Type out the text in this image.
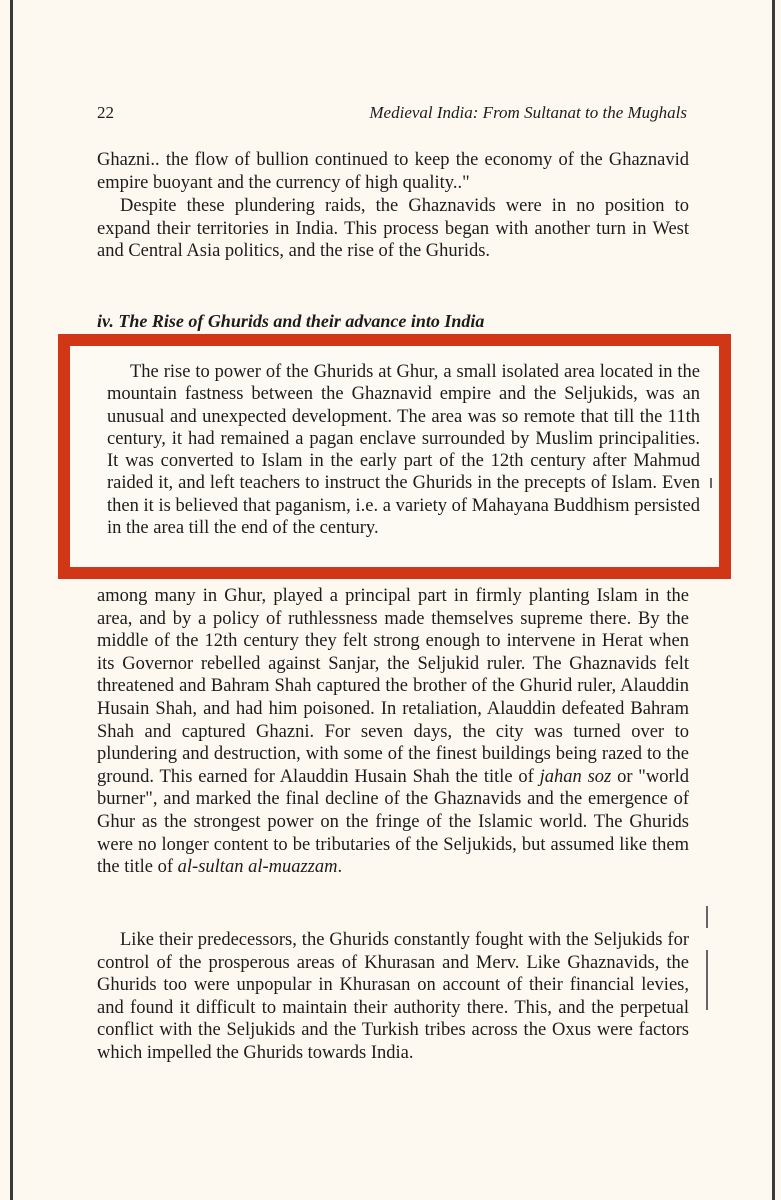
22	Medieval India: From Sultanat to the Mughals
Ghazni.. the flow of bullion continued to keep the economy of the Ghaznavid empire buoyant and the currency of high quality.."
Despite these plundering raids, the Ghaznavids were in no position to expand their territories in India. This process began with another turn in West and Central Asia politics, and the rise of the Ghurids.
iv. The Rise of Ghurids and their advance into India
The rise to power of the Ghurids at Ghur, a small isolated area located in the mountain fastness between the Ghaznavid empire and the Seljukids, was an unusual and unexpected development. The area was so remote that till the 11th century, it had remained a pagan enclave surrounded by Muslim principalities. It was converted to Islam in the early part of the 12th century after Mahmud raided it, and left teachers to instruct the Ghurids in the precepts of Islam. Even then it is believed that paganism, i.e. a variety of Mahayana Buddhism persisted in the area till the end of the century.
among many in Ghur, played a principal part in firmly planting Islam in the area, and by a policy of ruthlessness made themselves supreme there. By the middle of the 12th century they felt strong enough to intervene in Herat when its Governor rebelled against Sanjar, the Seljukid ruler. The Ghaznavids felt threatened and Bahram Shah captured the brother of the Ghurid ruler, Alauddin Husain Shah, and had him poisoned. In retaliation, Alauddin defeated Bahram Shah and captured Ghazni. For seven days, the city was turned over to plundering and destruction, with some of the finest buildings being razed to the ground. This earned for Alauddin Husain Shah the title of jahan soz or "world burner", and marked the final decline of the Ghaznavids and the emergence of Ghur as the strongest power on the fringe of the Islamic world. The Ghurids were no longer content to be tributaries of the Seljukids, but assumed like them the title of al-sultan al-muazzam.
Like their predecessors, the Ghurids constantly fought with the Seljukids for control of the prosperous areas of Khurasan and Merv. Like Ghaznavids, the Ghurids too were unpopular in Khurasan on account of their financial levies, and found it difficult to maintain their authority there. This, and the perpetual conflict with the Seljukids and the Turkish tribes across the Oxus were factors which impelled the Ghurids towards India.
